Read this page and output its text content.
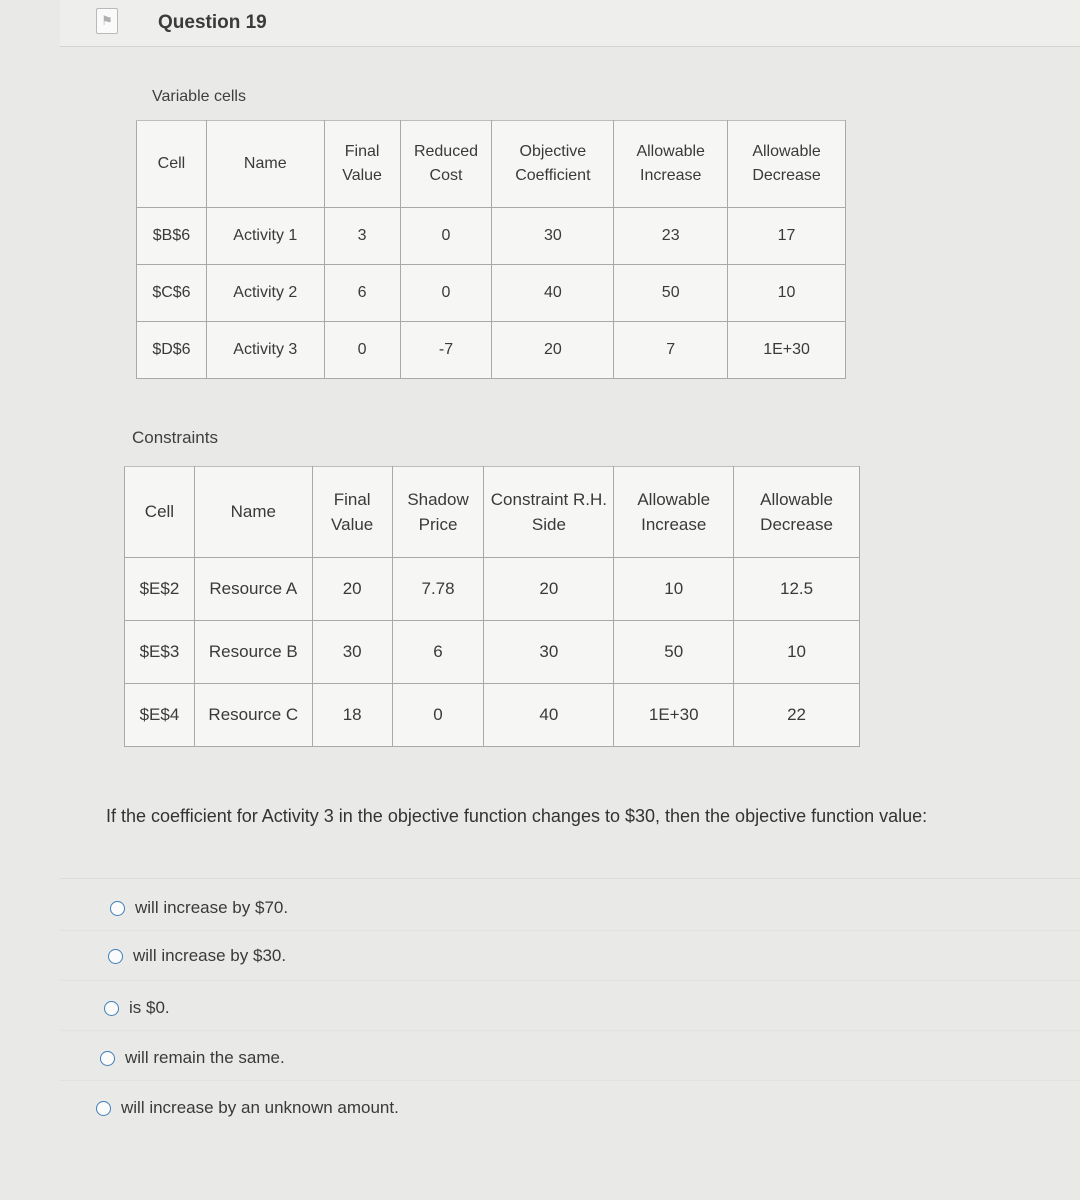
⚑ Question 19
Variable cells
Cell	Name	Final Value	Reduced Cost	Objective Coefficient	Allowable Increase	Allowable Decrease
$B$6	Activity 1	3	0	30	23	17
$C$6	Activity 2	6	0	40	50	10
$D$6	Activity 3	0	-7	20	7	1E+30
Constraints
Cell	Name	Final Value	Shadow Price	Constraint R.H. Side	Allowable Increase	Allowable Decrease
$E$2	Resource A	20	7.78	20	10	12.5
$E$3	Resource B	30	6	30	50	10
$E$4	Resource C	18	0	40	1E+30	22
If the coefficient for Activity 3 in the objective function changes to $30, then the objective function value:
will increase by $70.
will increase by $30.
is $0.
will remain the same.
will increase by an unknown amount.
